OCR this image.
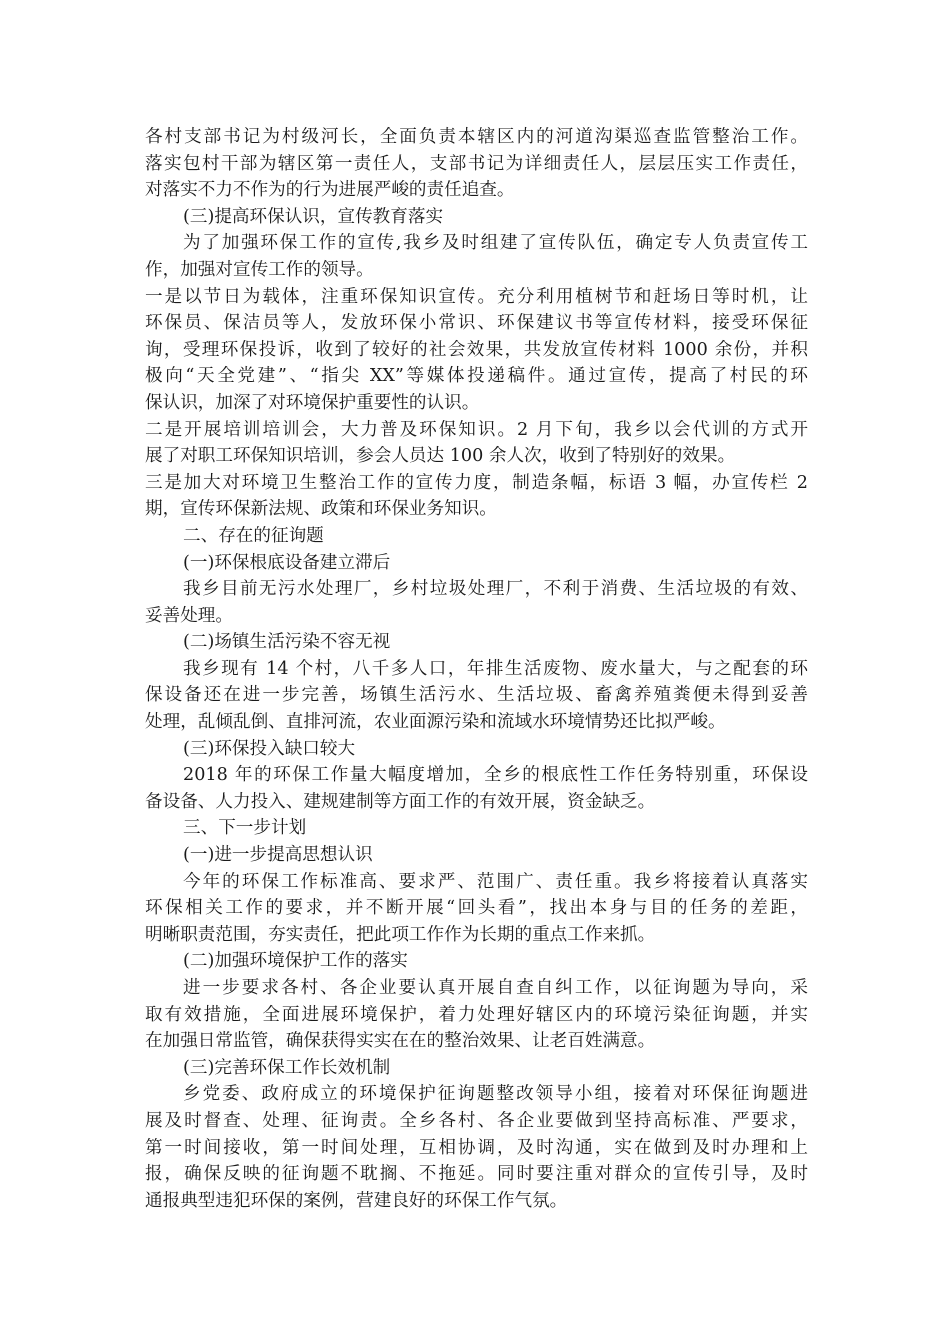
各村支部书记为村级河长，全面负责本辖区内的河道沟渠巡查监管整治工作。
落实包村干部为辖区第一责任人，支部书记为详细责任人，层层压实工作责任，
对落实不力不作为的行为进展严峻的责任追查。
(三)提高环保认识，宣传教育落实
为了加强环保工作的宣传,我乡及时组建了宣传队伍，确定专人负责宣传工
作，加强对宣传工作的领导。
一是以节日为载体，注重环保知识宣传。充分利用植树节和赶场日等时机，让
环保员、保洁员等人，发放环保小常识、环保建议书等宣传材料，接受环保征
询，受理环保投诉，收到了较好的社会效果，共发放宣传材料 1000 余份，并积
极向“天全党建”、“指尖 XX”等媒体投递稿件。通过宣传，提高了村民的环
保认识，加深了对环境保护重要性的认识。
二是开展培训培训会，大力普及环保知识。2 月下旬，我乡以会代训的方式开
展了对职工环保知识培训，参会人员达 100 余人次，收到了特别好的效果。
三是加大对环境卫生整治工作的宣传力度，制造条幅，标语 3 幅，办宣传栏 2
期，宣传环保新法规、政策和环保业务知识。
二、存在的征询题
(一)环保根底设备建立滞后
我乡目前无污水处理厂，乡村垃圾处理厂，不利于消费、生活垃圾的有效、
妥善处理。
(二)场镇生活污染不容无视
我乡现有 14 个村，八千多人口，年排生活废物、废水量大，与之配套的环
保设备还在进一步完善，场镇生活污水、生活垃圾、畜禽养殖粪便未得到妥善
处理，乱倾乱倒、直排河流，农业面源污染和流域水环境情势还比拟严峻。
(三)环保投入缺口较大
2018 年的环保工作量大幅度增加，全乡的根底性工作任务特别重，环保设
备设备、人力投入、建规建制等方面工作的有效开展，资金缺乏。
三、下一步计划
(一)进一步提高思想认识
今年的环保工作标准高、要求严、范围广、责任重。我乡将接着认真落实
环保相关工作的要求，并不断开展“回头看”，找出本身与目的任务的差距，
明晰职责范围，夯实责任，把此项工作作为长期的重点工作来抓。
(二)加强环境保护工作的落实
进一步要求各村、各企业要认真开展自查自纠工作，以征询题为导向，采
取有效措施，全面进展环境保护，着力处理好辖区内的环境污染征询题，并实
在加强日常监管，确保获得实实在在的整治效果、让老百姓满意。
(三)完善环保工作长效机制
乡党委、政府成立的环境保护征询题整改领导小组，接着对环保征询题进
展及时督查、处理、征询责。全乡各村、各企业要做到坚持高标准、严要求，
第一时间接收，第一时间处理，互相协调，及时沟通，实在做到及时办理和上
报，确保反映的征询题不耽搁、不拖延。同时要注重对群众的宣传引导，及时
通报典型违犯环保的案例，营建良好的环保工作气氛。
